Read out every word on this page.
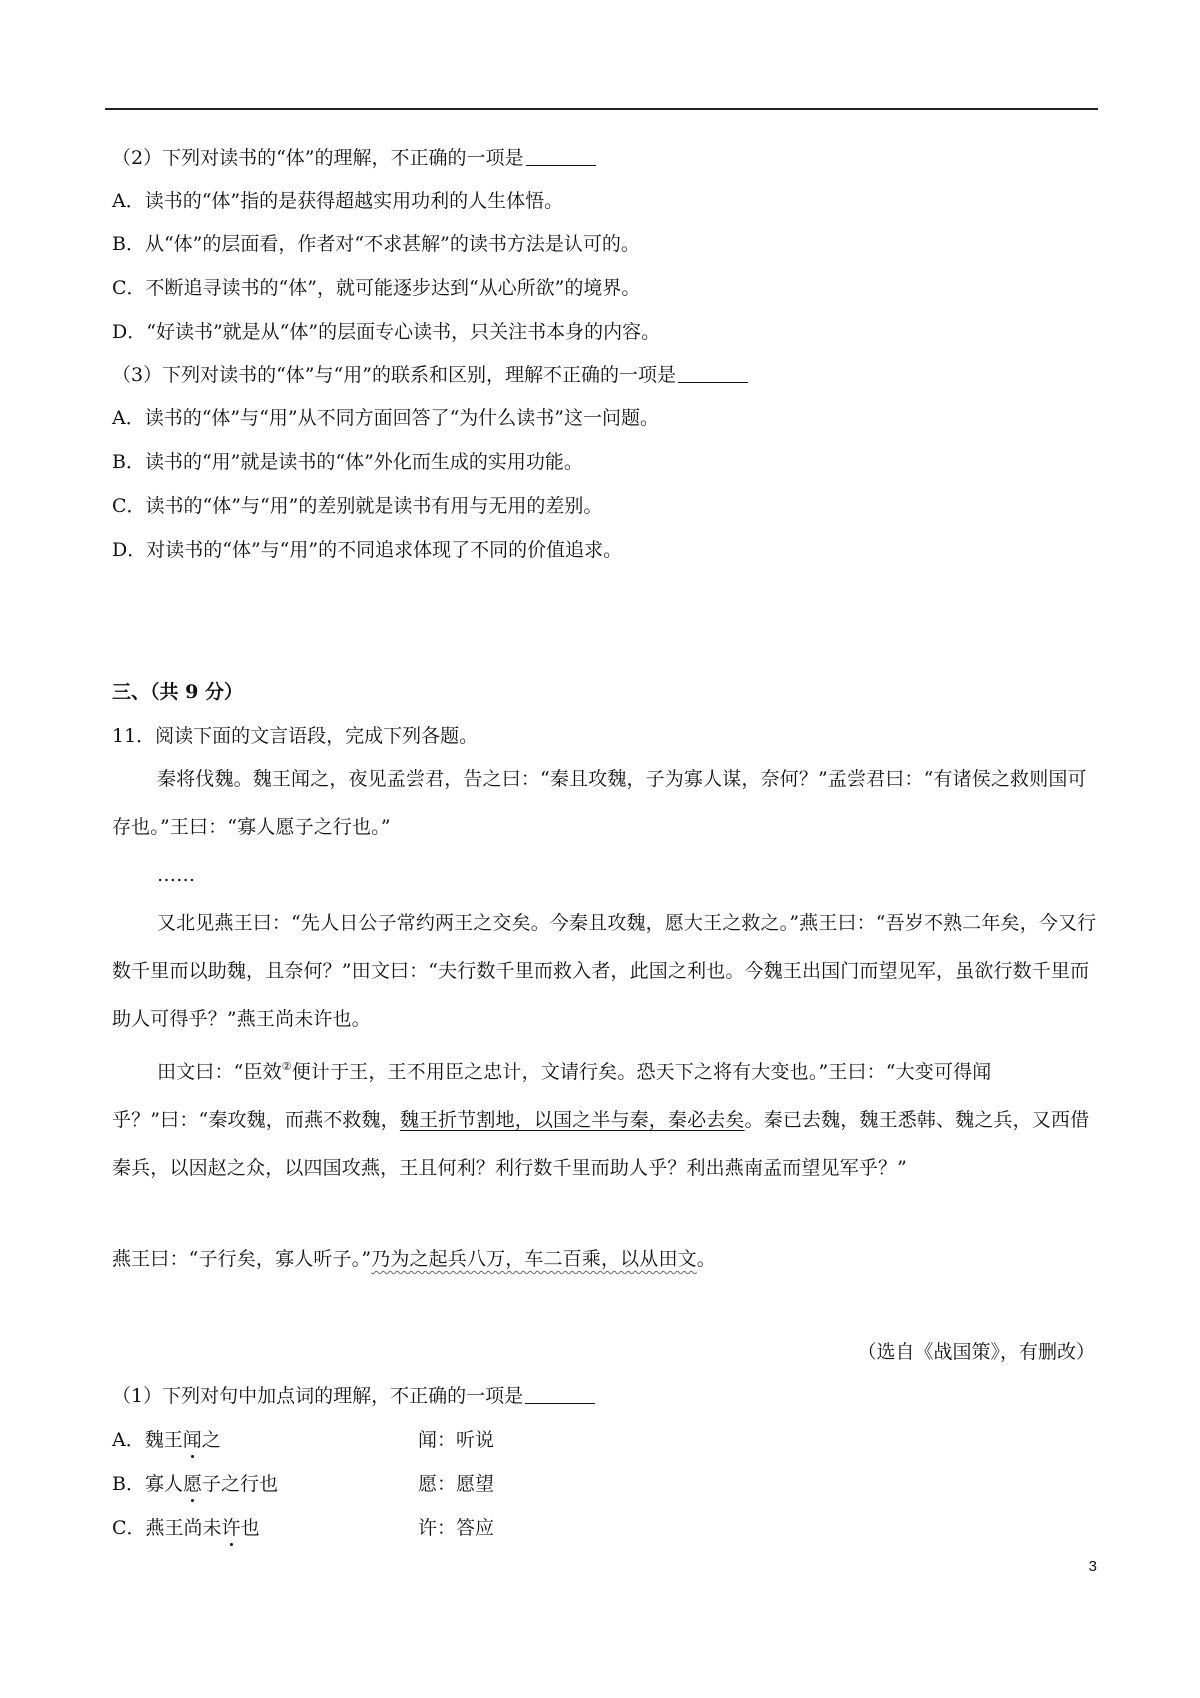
（2）下列对读书的“体”的理解，不正确的一项是
A．读书的“体”指的是获得超越实用功利的人生体悟。
B．从“体”的层面看，作者对“不求甚解”的读书方法是认可的。
C．不断追寻读书的“体”，就可能逐步达到“从心所欲”的境界。
D．“好读书”就是从“体”的层面专心读书，只关注书本身的内容。
（3）下列对读书的“体”与“用”的联系和区别，理解不正确的一项是
A．读书的“体”与“用”从不同方面回答了“为什么读书”这一问题。
B．读书的“用”就是读书的“体”外化而生成的实用功能。
C．读书的“体”与“用”的差别就是读书有用与无用的差别。
D．对读书的“体”与“用”的不同追求体现了不同的价值追求。
三、（共 9 分）
11．阅读下面的文言语段，完成下列各题。
秦将伐魏。魏王闻之，夜见孟尝君，告之曰：“秦且攻魏，子为寡人谋，奈何？”孟尝君曰：“有诸侯之救则国可存也。”王曰：“寡人愿子之行也。”
……
又北见燕王曰：“先人日公子常约两王之交矣。今秦且攻魏，愿大王之救之。”燕王曰：“吾岁不熟二年矣，今又行数千里而以助魏，且奈何？”田文曰：“夫行数千里而救入者，此国之利也。今魏王出国门而望见军，虽欲行数千里而助人可得乎？”燕王尚未许也。
田文曰：“臣效②便计于王，王不用臣之忠计，文请行矣。恐天下之将有大变也。”王曰：“大变可得闻乎？”曰：“秦攻魏，而燕不救魏，魏王折节割地，以国之半与秦，秦必去矣。秦已去魏，魏王悉韩、魏之兵，又西借秦兵，以因赵之众，以四国攻燕，王且何利？利行数千里而助人乎？利出燕南孟而望见军乎？”
燕王曰：“子行矣，寡人听子。”乃为之起兵八万，车二百乘，以从田文。
（选自《战国策》，有删改）
（1）下列对句中加点词的理解，不正确的一项是
A．魏王闻之	闻：听说
B．寡人愿子之行也	愿：愿望
C．燕王尚未许也	许：答应
3
